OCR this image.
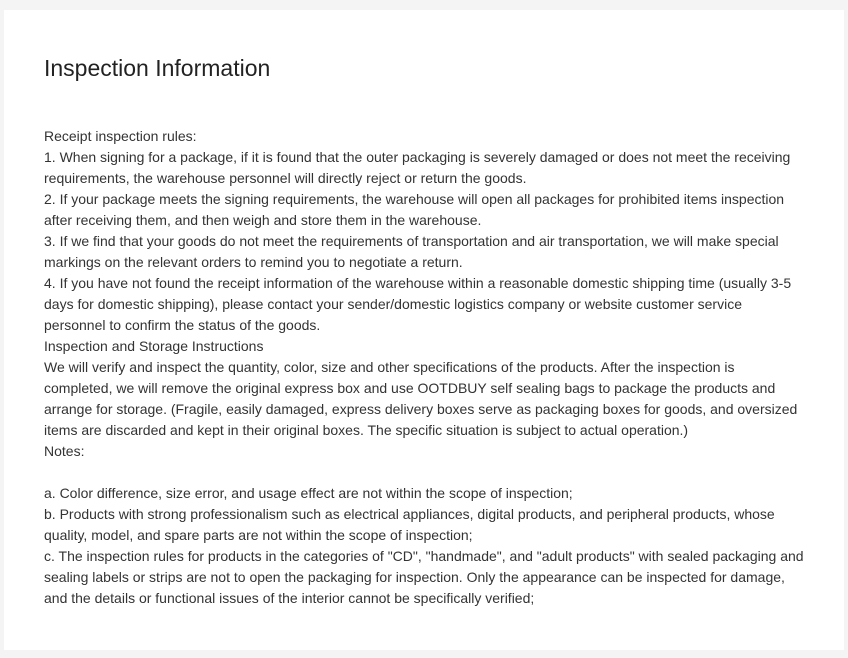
Inspection Information
Receipt inspection rules:
1. When signing for a package, if it is found that the outer packaging is severely damaged or does not meet the receiving
requirements, the warehouse personnel will directly reject or return the goods.
2. If your package meets the signing requirements, the warehouse will open all packages for prohibited items inspection
after receiving them, and then weigh and store them in the warehouse.
3. If we find that your goods do not meet the requirements of transportation and air transportation, we will make special
markings on the relevant orders to remind you to negotiate a return.
4. If you have not found the receipt information of the warehouse within a reasonable domestic shipping time (usually 3-5
days for domestic shipping), please contact your sender/domestic logistics company or website customer service
personnel to confirm the status of the goods.
Inspection and Storage Instructions
We will verify and inspect the quantity, color, size and other specifications of the products. After the inspection is
completed, we will remove the original express box and use OOTDBUY self sealing bags to package the products and
arrange for storage. (Fragile, easily damaged, express delivery boxes serve as packaging boxes for goods, and oversized
items are discarded and kept in their original boxes. The specific situation is subject to actual operation.)
Notes:
a. Color difference, size error, and usage effect are not within the scope of inspection;
b. Products with strong professionalism such as electrical appliances, digital products, and peripheral products, whose
quality, model, and spare parts are not within the scope of inspection;
c. The inspection rules for products in the categories of "CD", "handmade", and "adult products" with sealed packaging and
sealing labels or strips are not to open the packaging for inspection. Only the appearance can be inspected for damage,
and the details or functional issues of the interior cannot be specifically verified;
